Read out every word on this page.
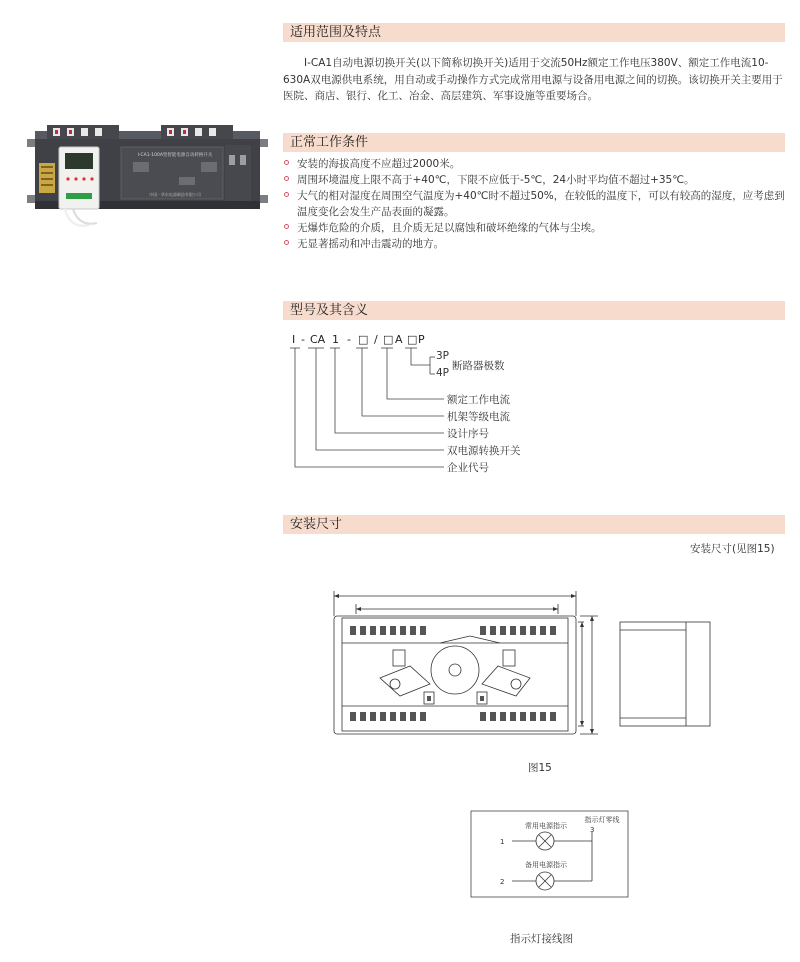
I-CA1-100A型智能电源自动转换开关
中国 · 华东电器制造有限公司
适用范围及特点

I-CA1自动电源切换开关(以下简称切换开关)适用于交流50Hz额定工作电压380V、额定工作电流10-630A双电源供电系统，用自动或手动操作方式完成常用电源与设备用电源之间的切换。该切换开关主要用于医院、商店、银行、化工、冶金、高层建筑、军事设施等重要场合。

正常工作条件
安装的海拔高度不应超过2000米。
周围环境温度上限不高于+40℃，下限不应低于-5℃，24小时平均值不超过+35℃。
大气的相对湿度在周围空气温度为+40℃时不超过50%，在较低的温度下，可以有较高的湿度，应考虑到温度变化会发生产品表面的凝露。
无爆炸危险的介质，且介质无足以腐蚀和破坏绝缘的气体与尘埃。
无显著摇动和冲击震动的地方。
型号及其含义
I - CA 1 - □ / □ A □ P
3P
4P
断路器极数
额定工作电流
机架等级电流
设计序号
双电源转换开关
企业代号
安装尺寸
安装尺寸(见图15)
图15
常用电源指示
备用电源指示
指示灯零线
1
2
3
指示灯接线图
